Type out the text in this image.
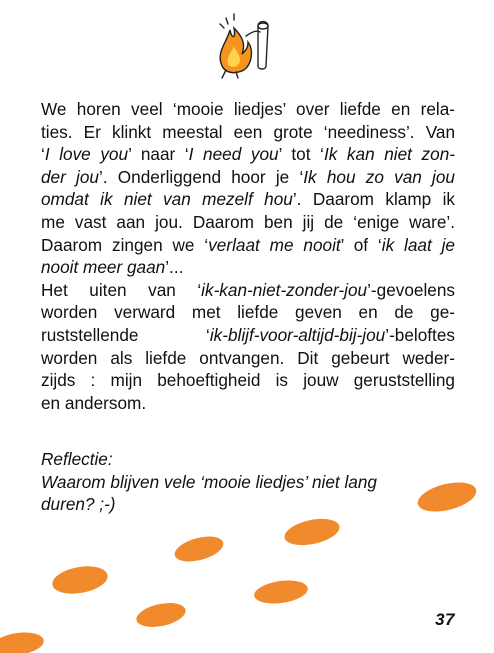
We horen veel ‘mooie liedjes’ over liefde en rela-
ties. Er klinkt meestal een grote ‘neediness’. Van
‘I love you’ naar ‘I need you’ tot ‘Ik kan niet zon-
der jou’. Onderliggend hoor je ‘Ik hou zo van jou
omdat ik niet van mezelf hou’. Daarom klamp ik
me vast aan jou. Daarom ben jij de ‘enige ware’.
Daarom zingen we ‘verlaat me nooit’ of ‘ik laat je
nooit meer gaan’...
Het uiten van ‘ik-kan-niet-zonder-jou’-gevoelens
worden verward met liefde geven en de ge-
ruststellende ‘ik-blijf-voor-altijd-bij-jou’-beloftes
worden als liefde ontvangen. Dit gebeurt weder-
zijds : mijn behoeftigheid is jouw geruststelling
en andersom.
Reflectie:
Waarom blijven vele ‘mooie liedjes’ niet lang
duren? ;-)
37
